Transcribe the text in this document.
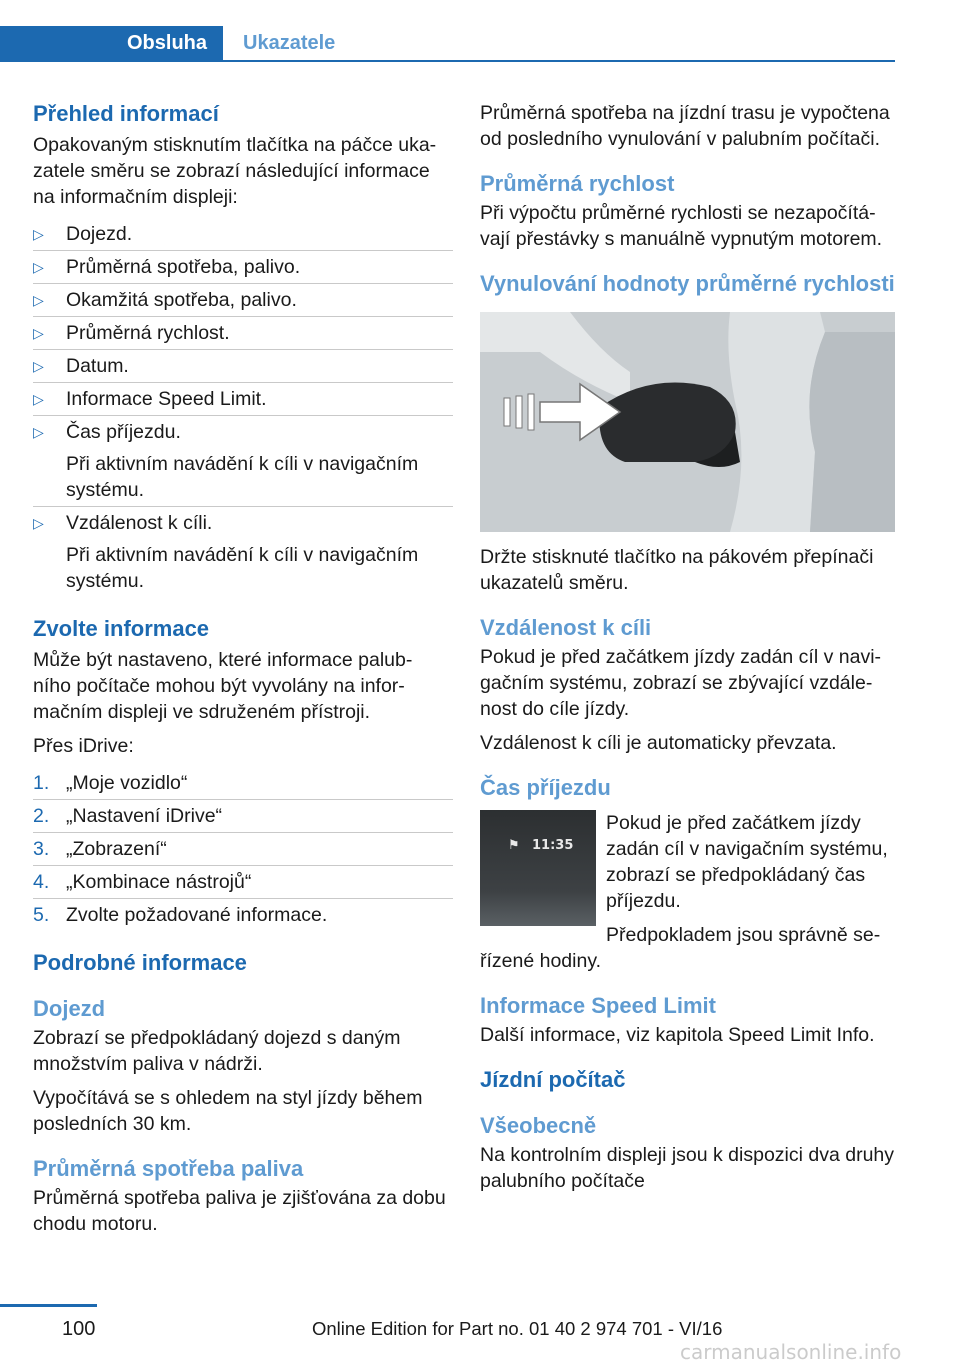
Obsluha Ukazatele
Přehled informací

Opakovaným stisknutím tlačítka na páčce uka‐ zatele směru se zobrazí následující informace na informačním displeji:

▷ Dojezd.
▷ Průměrná spotřeba, palivo.
▷ Okamžitá spotřeba, palivo.
▷ Průměrná rychlost.
▷ Datum.
▷ Informace Speed Limit.
▷ Čas příjezdu.
Při aktivním navádění k cíli v navigačním systému.
▷ Vzdálenost k cíli.
Při aktivním navádění k cíli v navigačním systému.
Zvolte informace

Může být nastaveno, které informace palub‐ ního počítače mohou být vyvolány na infor‐ mačním displeji ve sdruženém přístroji.

Přes iDrive:

1. „Moje vozidlo“
2. „Nastavení iDrive“
3. „Zobrazení“
4. „Kombinace nástrojů“
5. Zvolte požadované informace.
Podrobné informace
Dojezd

Zobrazí se předpokládaný dojezd s daným množstvím paliva v nádrži.

Vypočítává se s ohledem na styl jízdy během posledních 30 km.

Průměrná spotřeba paliva

Průměrná spotřeba paliva je zjišťována za dobu chodu motoru.

Průměrná spotřeba na jízdní trasu je vypočtena od posledního vynulování v palubním počítači.

Průměrná rychlost

Při výpočtu průměrné rychlosti se nezapočítá‐ vají přestávky s manuálně vypnutým motorem.

Vynulování hodnoty průměrné rychlosti

Držte stisknuté tlačítko na pákovém přepínači ukazatelů směru.

Vzdálenost k cíli

Pokud je před začátkem jízdy zadán cíl v navi‐ gačním systému, zobrazí se zbývající vzdále‐ nost do cíle jízdy.

Vzdálenost k cíli je automaticky převzata.

Čas příjezdu
⚑ 11:35

Pokud je před začátkem jízdy zadán cíl v navigačním systému, zobrazí se předpokládaný čas příjezdu.

Předpokladem jsou správně se‐ řízené hodiny.

Informace Speed Limit

Další informace, viz kapitola Speed Limit Info.

Jízdní počítač
Všeobecně

Na kontrolním displeji jsou k dispozici dva druhy palubního počítače

100	Online Edition for Part no. 01 40 2 974 701 - VI/16
carmanualsonline.info
